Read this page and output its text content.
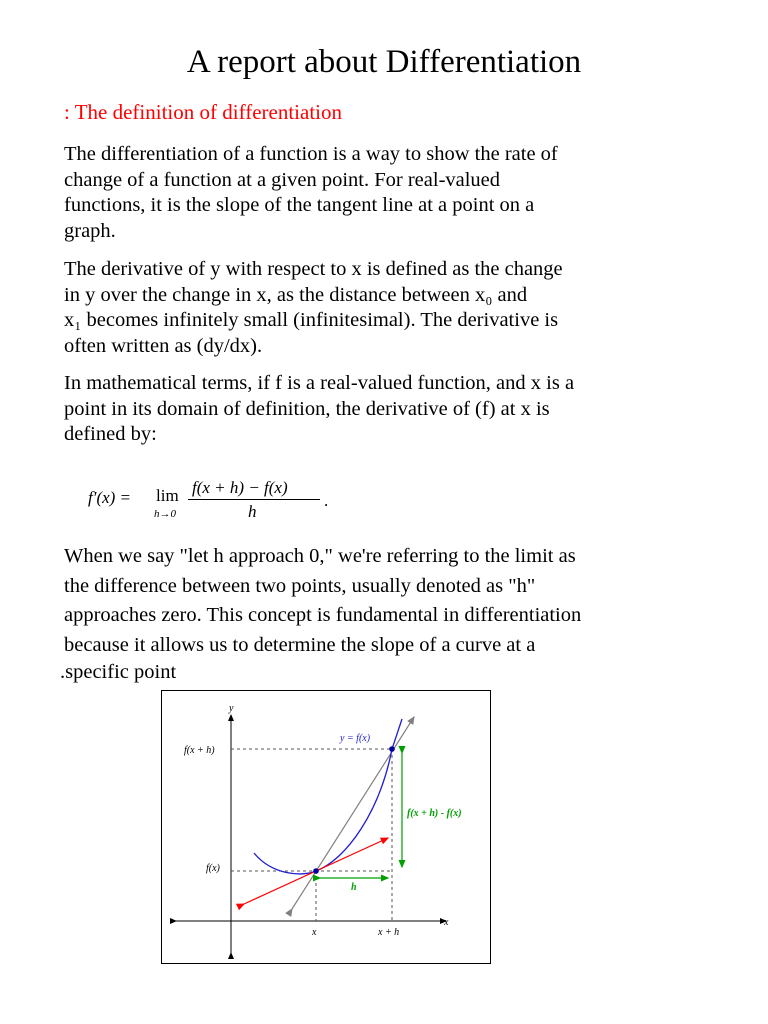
A report about Differentiation
: The definition of differentiation
The differentiation of a function is a way to show the rate of
change of a function at a given point. For real-valued
functions, it is the slope of the tangent line at a point on a
graph.
The derivative of y with respect to x is defined as the change
in y over the change in x, as the distance between x₀ and
x₁ becomes infinitely small (infinitesimal). The derivative is
often written as (dy/dx).
In mathematical terms, if f is a real-valued function, and x is a
point in its domain of definition, the derivative of (f) at x is
defined by:
f′(x) = lim
h→0
f(x + h) − f(x)
h
.
When we say "let h approach 0," we're referring to the limit as
the difference between two points, usually denoted as "h"
approaches zero. This concept is fundamental in differentiation
because it allows us to determine the slope of a curve at a
.specific point
y
x
y = f(x)
f(x + h)
f(x)
f(x + h) - f(x)
h
x	x + h
